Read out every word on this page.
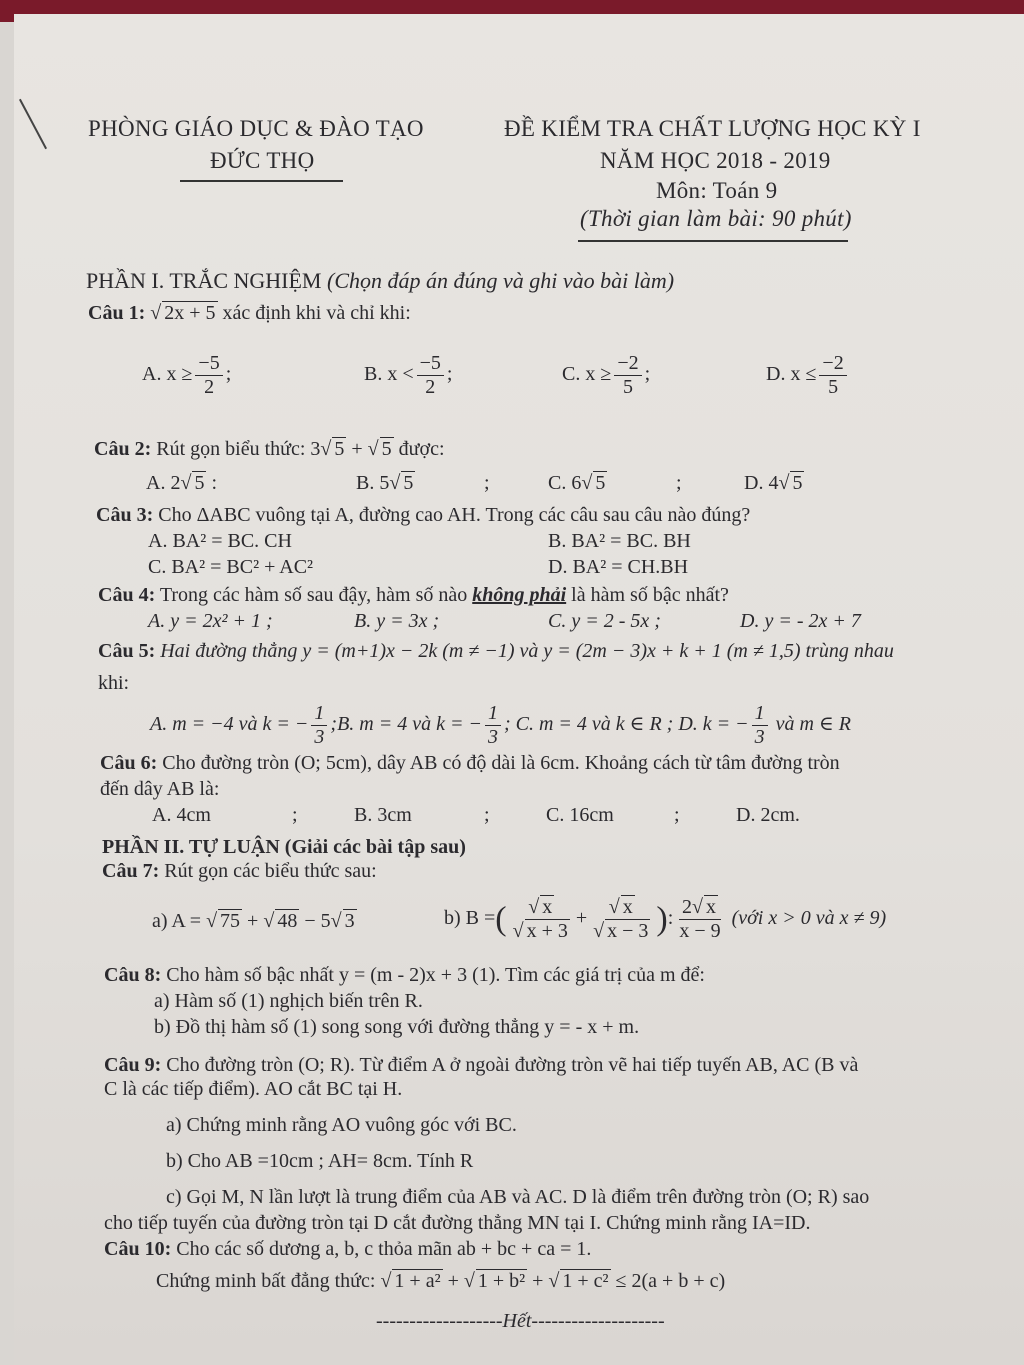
PHÒNG GIÁO DỤC & ĐÀO TẠO
ĐỨC THỌ
ĐỀ KIỂM TRA CHẤT LƯỢNG HỌC KỲ I
NĂM HỌC 2018 - 2019
Môn: Toán 9
(Thời gian làm bài: 90 phút)
PHẦN I. TRẮC NGHIỆM (Chọn đáp án đúng và ghi vào bài làm)
Câu 1: √ 2x + 5 xác định khi và chỉ khi:
A. $x \ge \frac{-5}{2}$ ;	B. $x < \frac{-5}{2}$ ;	C. $x \ge \frac{-2}{5}$ ;	D. $x \le \frac{-2}{5}$
Câu 2: Rút gọn biểu thức: 3√ 5 + √ 5 được:
A. 2√ 5 :	B. 5√ 5	;	C. 6√ 5	;	D. 4√ 5
Câu 3: Cho ΔABC vuông tại A, đường cao AH. Trong các câu sau câu nào đúng?
A. BA² = BC. CH	B. BA² = BC. BH
C. BA² = BC² + AC²	D. BA² = CH.BH
Câu 4: Trong các hàm số sau đậy, hàm số nào không phải là hàm số bậc nhất?
A. y = 2x² + 1 ;	B. y = 3x ;	C. y = 2 - 5x ;	D. y = - 2x + 7
Câu 5: Hai đường thẳng y = (m+1)x − 2k (m ≠ −1) và y = (2m − 3)x + k + 1 (m ≠ 1,5) trùng nhau
khi:
A. m = −4 và k = − $\frac{1}{3}$ ;B. m = 4 và k = − $\frac{1}{3}$ ; C. m = 4 và k ∈ R ; D. k = − $\frac{1}{3}$ và m ∈ R
Câu 6: Cho đường tròn (O; 5cm), dây AB có độ dài là 6cm. Khoảng cách từ tâm đường tròn
đến dây AB là:
A. 4cm	;	B. 3cm	;	C. 16cm	;	D. 2cm.
PHẦN II. TỰ LUẬN (Giải các bài tập sau)
Câu 7: Rút gọn các biểu thức sau:
a) A = √ 75 + √ 48 − 5√ 3	b) B =( $\frac{√ x}{√ x + 3} + \frac{√ x}{√ x - 3}$ ): $\frac{2√ x}{x - 9}$ (với x > 0 và x ≠ 9)
Câu 8: Cho hàm số bậc nhất y = (m - 2)x + 3 (1). Tìm các giá trị của m để:
a) Hàm số (1) nghịch biến trên R.
b) Đồ thị hàm số (1) song song với đường thẳng y = - x + m.
Câu 9: Cho đường tròn (O; R). Từ điểm A ở ngoài đường tròn vẽ hai tiếp tuyến AB, AC (B và
C là các tiếp điểm). AO cắt BC tại H.
a) Chứng minh rằng AO vuông góc với BC.
b) Cho AB =10cm ; AH= 8cm. Tính R
c) Gọi M, N lần lượt là trung điểm của AB và AC. D là điểm trên đường tròn (O; R) sao
cho tiếp tuyến của đường tròn tại D cắt đường thẳng MN tại I. Chứng minh rằng IA=ID.
Câu 10: Cho các số dương a, b, c thỏa mãn ab + bc + ca = 1.
Chứng minh bất đẳng thức: √ 1 + a² + √ 1 + b² + √ 1 + c² ≤ 2(a + b + c)
-------------------Hết--------------------
